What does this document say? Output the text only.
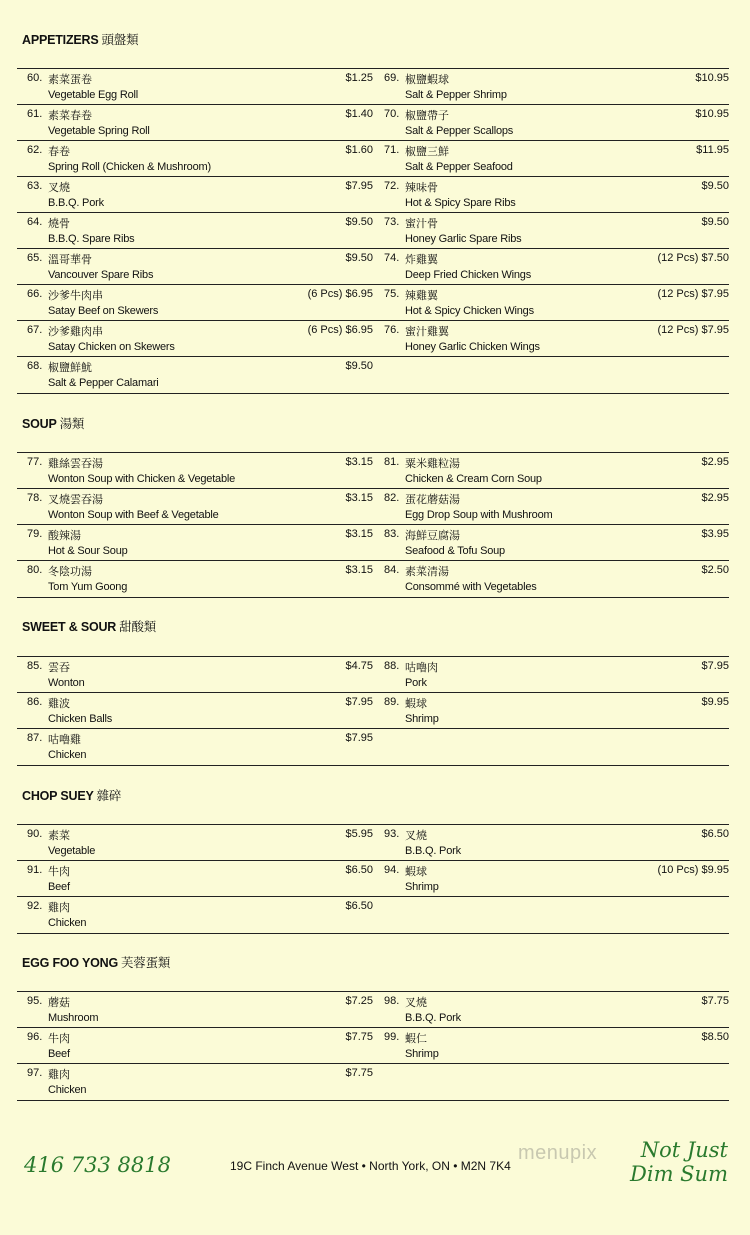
APPETIZERS 頭盤類
60. 素菜蛋卷
Vegetable Egg Roll
$1.25 69. 椒鹽蝦球
Salt & Pepper Shrimp
$10.95
61. 素菜春卷
Vegetable Spring Roll
$1.40 70. 椒鹽帶子
Salt & Pepper Scallops
$10.95
62. 春卷
Spring Roll (Chicken & Mushroom)
$1.60 71. 椒鹽三鮮
Salt & Pepper Seafood
$11.95
63. 叉燒
B.B.Q. Pork
$7.95 72. 辣味骨
Hot & Spicy Spare Ribs
$9.50
64. 燒骨
B.B.Q. Spare Ribs
$9.50 73. 蜜汁骨
Honey Garlic Spare Ribs
$9.50
65. 溫哥華骨
Vancouver Spare Ribs
$9.50 74. 炸雞翼
Deep Fried Chicken Wings
(12 Pcs) $7.50
66. 沙爹牛肉串
Satay Beef on Skewers
(6 Pcs) $6.95 75. 辣雞翼
Hot & Spicy Chicken Wings
(12 Pcs) $7.95
67. 沙爹雞肉串
Satay Chicken on Skewers
(6 Pcs) $6.95 76. 蜜汁雞翼
Honey Garlic Chicken Wings
(12 Pcs) $7.95
68. 椒鹽鮮魷
Salt & Pepper Calamari
$9.50
SOUP 湯類
77. 雞絲雲吞湯
Wonton Soup with Chicken & Vegetable
$3.15 81. 粟米雞粒湯
Chicken & Cream Corn Soup
$2.95
78. 叉燒雲吞湯
Wonton Soup with Beef & Vegetable
$3.15 82. 蛋花蘑菇湯
Egg Drop Soup with Mushroom
$2.95
79. 酸辣湯
Hot & Sour Soup
$3.15 83. 海鮮豆腐湯
Seafood & Tofu Soup
$3.95
80. 冬陰功湯
Tom Yum Goong
$3.15 84. 素菜清湯
Consommé with Vegetables
$2.50
SWEET & SOUR 甜酸類
85. 雲吞
Wonton
$4.75 88. 咕嚕肉
Pork
$7.95
86. 雞波
Chicken Balls
$7.95 89. 蝦球
Shrimp
$9.95
87. 咕嚕雞
Chicken
$7.95
CHOP SUEY 雜碎
90. 素菜
Vegetable
$5.95 93. 叉燒
B.B.Q. Pork
$6.50
91. 牛肉
Beef
$6.50 94. 蝦球
Shrimp
(10 Pcs) $9.95
92. 雞肉
Chicken
$6.50
EGG FOO YONG 芙蓉蛋類
95. 蘑菇
Mushroom
$7.25 98. 叉燒
B.B.Q. Pork
$7.75
96. 牛肉
Beef
$7.75 99. 蝦仁
Shrimp
$8.50
97. 雞肉
Chicken
$7.75
416 733 8818	19C Finch Avenue West • North York, ON • M2N 7K4
menupix	Not Just
Dim Sum
